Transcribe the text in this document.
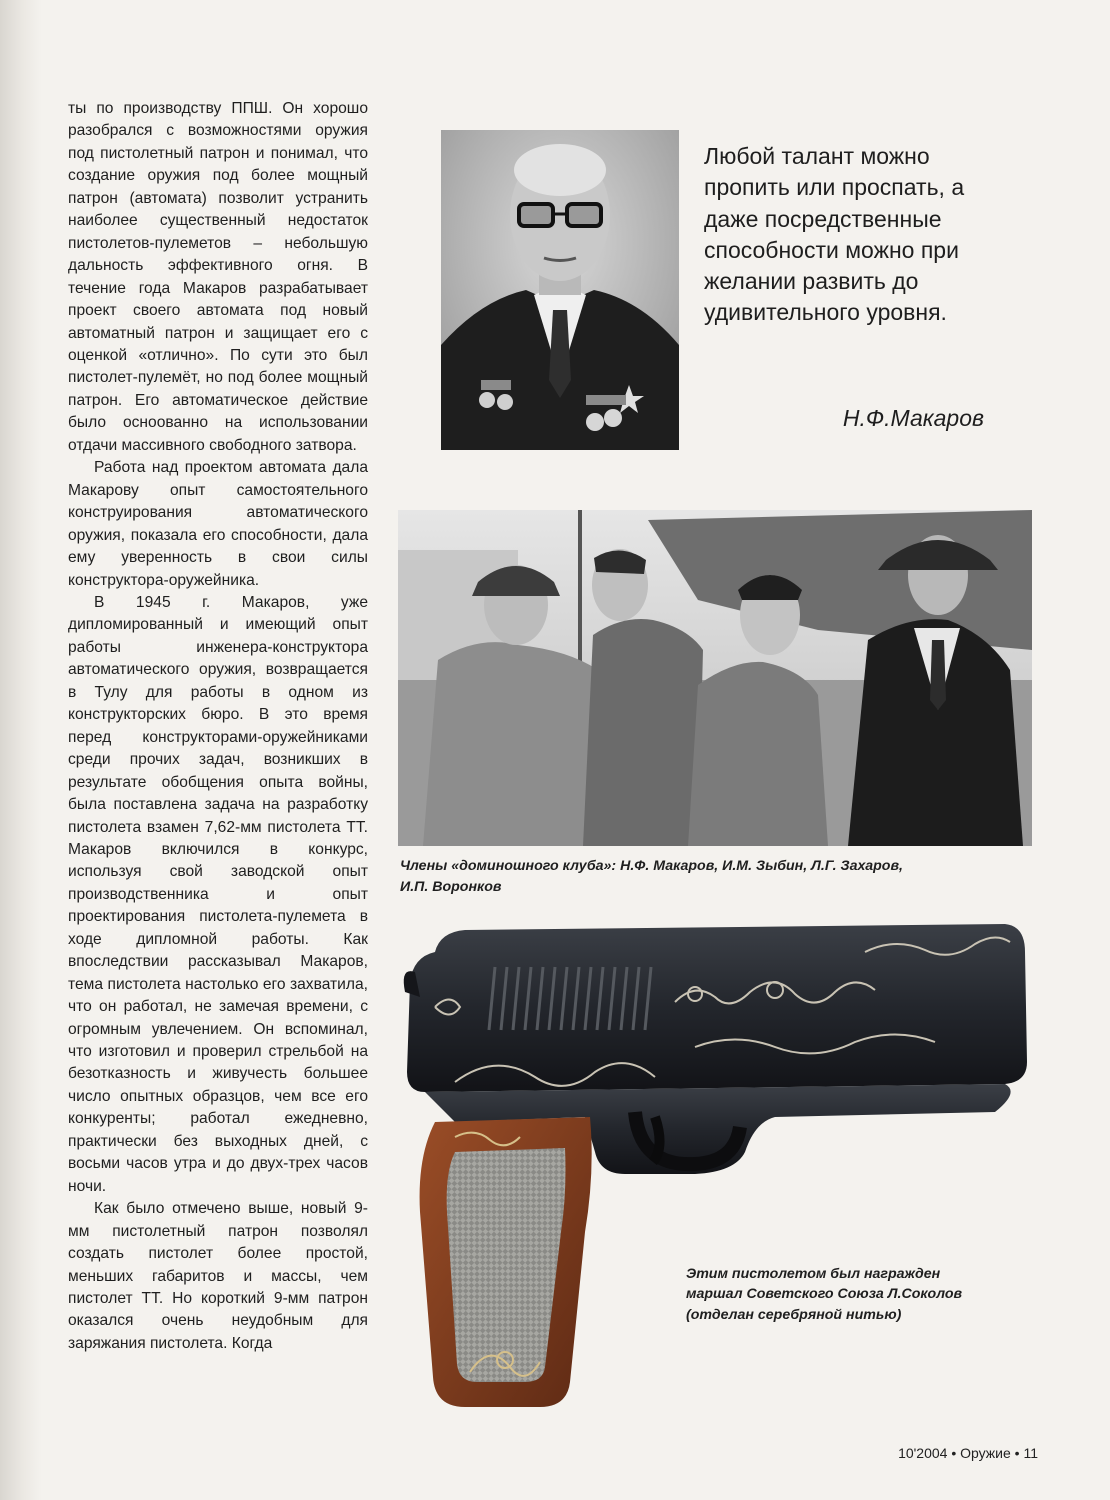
ты по производству ППШ. Он хорошо разобрался с возможностями оружия под пистолетный патрон и понимал, что создание оружия под более мощный патрон (автомата) позволит устранить наиболее существенный недостаток пистолетов-пулеметов – небольшую дальность эффективного огня. В течение года Макаров разрабатывает проект своего автомата под новый автоматный патрон и защищает его с оценкой «отлично». По сути это был пистолет-пулемёт, но под более мощный патрон. Его автоматическое действие было осноованно на использовании отдачи массивного свободного затвора.

Работа над проектом автомата дала Макарову опыт самостоятельного конструирования автоматического оружия, показала его способности, дала ему уверенность в свои силы конструктора-оружейника.

В 1945 г. Макаров, уже дипломированный и имеющий опыт работы инженера-конструктора автоматического оружия, возвращается в Тулу для работы в одном из конструкторских бюро. В это время перед конструкторами-оружейниками среди прочих задач, возникших в результате обобщения опыта войны, была поставлена задача на разработку пистолета взамен 7,62-мм пистолета ТТ. Макаров включился в конкурс, используя свой заводской опыт производственника и опыт проектирования пистолета-пулемета в ходе дипломной работы. Как впоследствии рассказывал Макаров, тема пистолета настолько его захватила, что он работал, не замечая времени, с огромным увлечением. Он вспоминал, что изготовил и проверил стрельбой на безотказность и живучесть большее число опытных образцов, чем все его конкуренты; работал ежедневно, практически без выходных дней, с восьми часов утра и до двух-трех часов ночи.

Как было отмечено выше, новый 9-мм пистолетный патрон позволял создать пистолет более простой, меньших габаритов и массы, чем пистолет ТТ. Но короткий 9-мм патрон оказался очень неудобным для заряжания пистолета. Когда

Любой талант можно пропить или проспать, а даже посредственные способности можно при желании развить до удивительного уровня.
Н.Ф.Макаров
Члены «доминошного клуба»: Н.Ф. Макаров, И.М. Зыбин, Л.Г. Захаров, И.П. Воронков
Этим пистолетом был награжден маршал Советского Союза Л.Соколов (отделан серебряной нитью)
10'2004 • Оружие • 11
